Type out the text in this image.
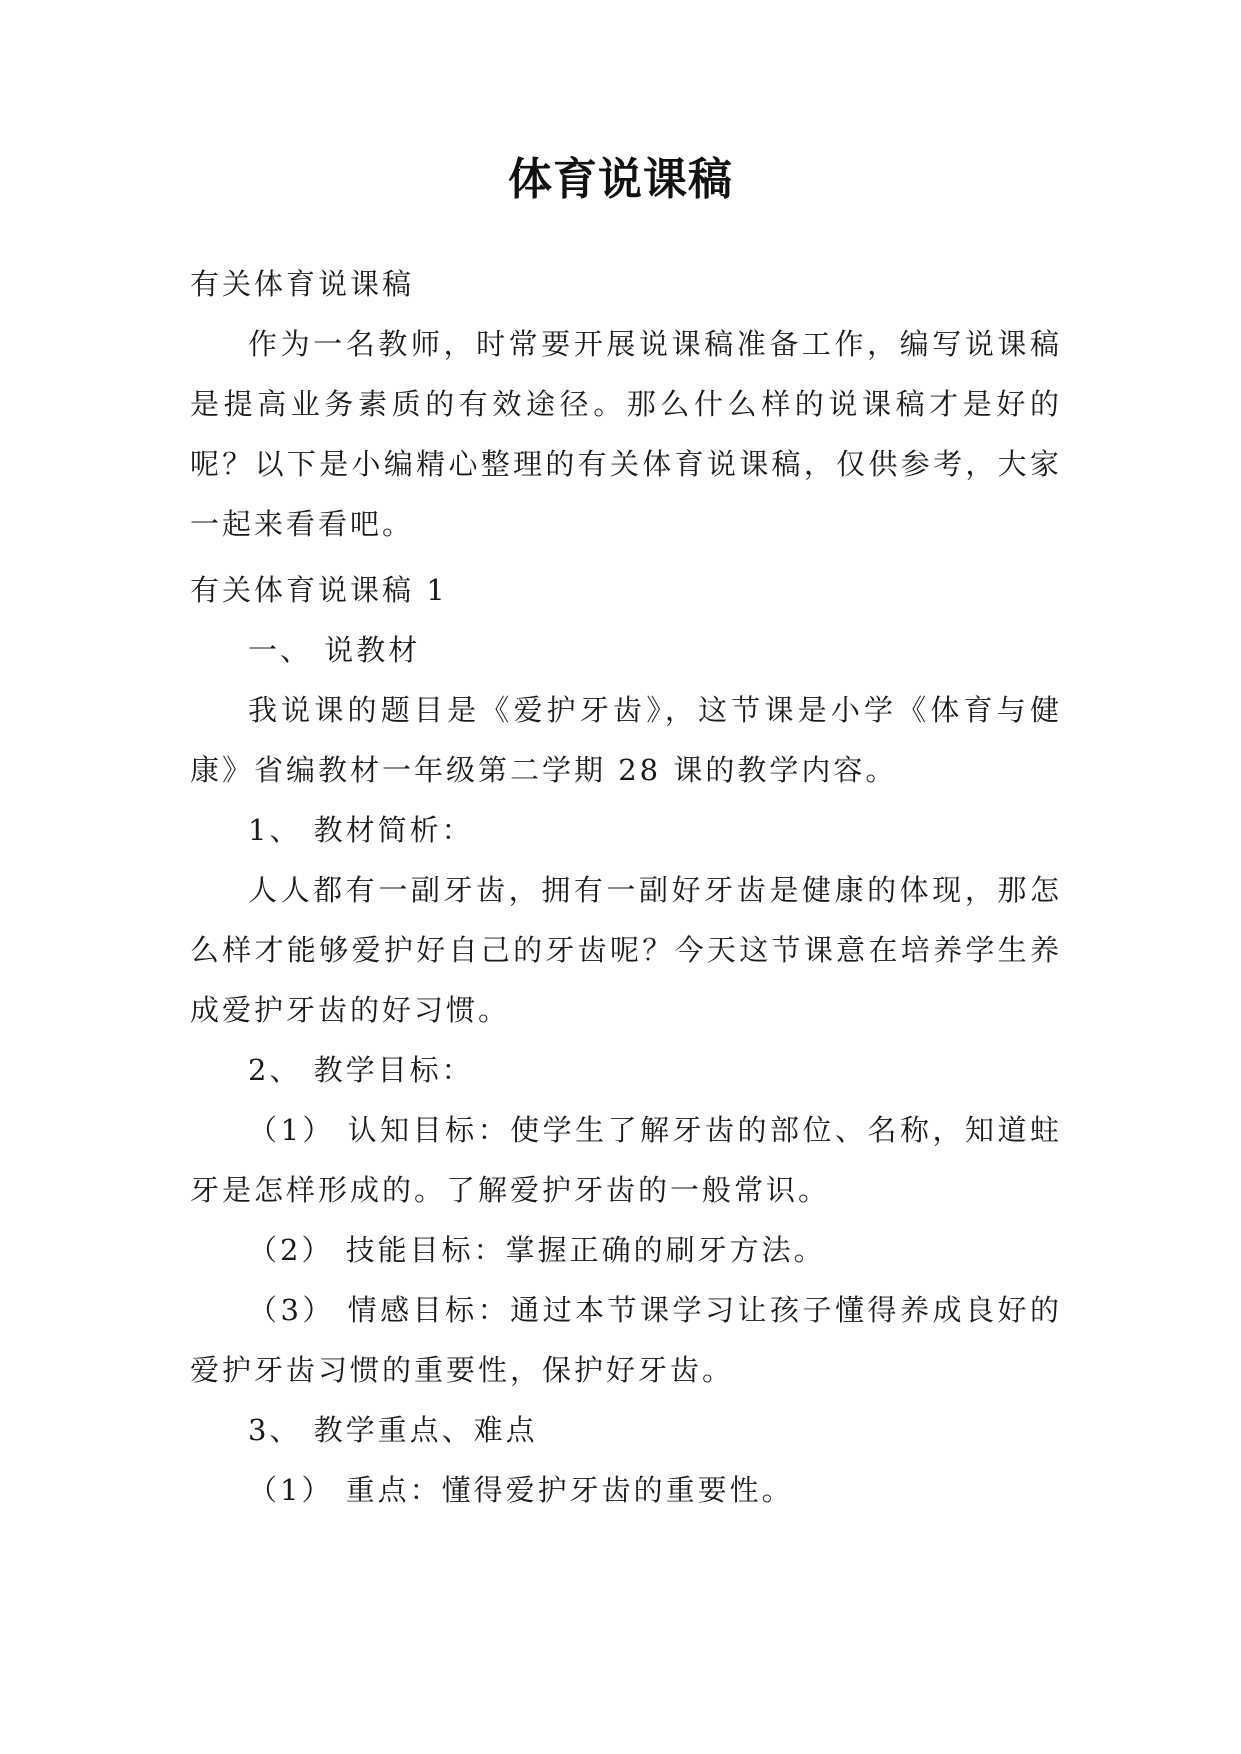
体育说课稿

有关体育说课稿

作为一名教师，时常要开展说课稿准备工作，编写说课稿是提高业务素质的有效途径。那么什么样的说课稿才是好的呢？以下是小编精心整理的有关体育说课稿，仅供参考，大家一起来看看吧。

有关体育说课稿 1

一、 说教材

我说课的题目是《爱护牙齿》，这节课是小学《体育与健康》省编教材一年级第二学期 28 课的教学内容。

1、 教材简析：

人人都有一副牙齿，拥有一副好牙齿是健康的体现，那怎么样才能够爱护好自己的牙齿呢？今天这节课意在培养学生养成爱护牙齿的好习惯。

2、 教学目标：

（1） 认知目标：使学生了解牙齿的部位、名称，知道蛀牙是怎样形成的。了解爱护牙齿的一般常识。

（2） 技能目标：掌握正确的刷牙方法。

（3） 情感目标：通过本节课学习让孩子懂得养成良好的爱护牙齿习惯的重要性，保护好牙齿。

3、 教学重点、难点

（1） 重点：懂得爱护牙齿的重要性。
